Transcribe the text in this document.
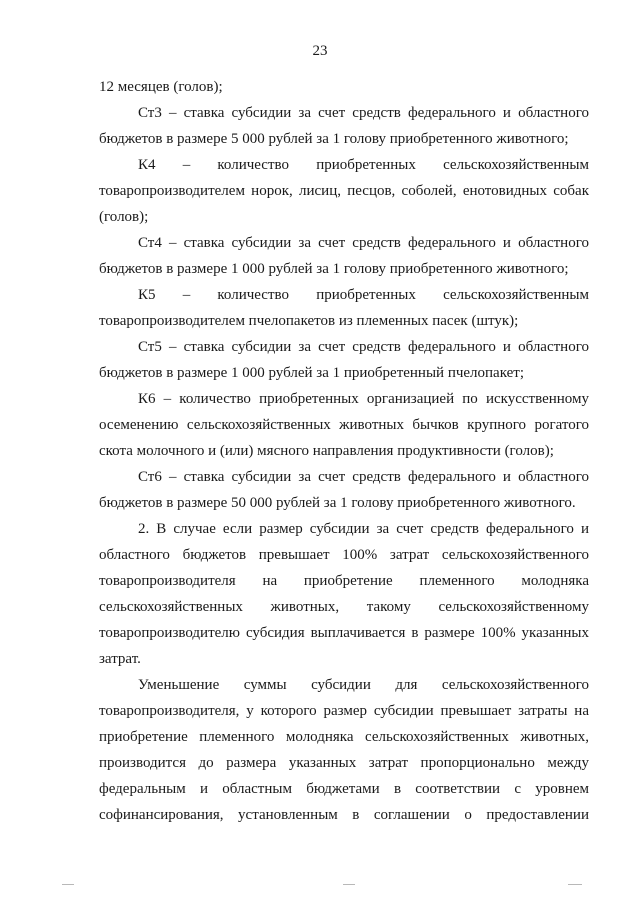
23
12 месяцев (голов);
Ст3 – ставка субсидии за счет средств федерального и областного
бюджетов в размере 5 000 рублей за 1 голову приобретенного животного;
К4 – количество приобретенных сельскохозяйственным
товаропроизводителем норок, лисиц, песцов, соболей, енотовидных собак
(голов);
Ст4 – ставка субсидии за счет средств федерального и областного
бюджетов в размере 1 000 рублей за 1 голову приобретенного животного;
К5 – количество приобретенных сельскохозяйственным
товаропроизводителем пчелопакетов из племенных пасек (штук);
Ст5 – ставка субсидии за счет средств федерального и областного
бюджетов в размере 1 000 рублей за 1 приобретенный пчелопакет;
К6 – количество приобретенных организацией по искусственному
осеменению сельскохозяйственных животных бычков крупного рогатого
скота молочного и (или) мясного направления продуктивности (голов);
Ст6 – ставка субсидии за счет средств федерального и областного
бюджетов в размере 50 000 рублей за 1 голову приобретенного животного.
2. В случае если размер субсидии за счет средств федерального и
областного бюджетов превышает 100% затрат сельскохозяйственного
товаропроизводителя на приобретение племенного молодняка
сельскохозяйственных животных, такому сельскохозяйственному
товаропроизводителю субсидия выплачивается в размере 100% указанных
затрат.
Уменьшение суммы субсидии для сельскохозяйственного
товаропроизводителя, у которого размер субсидии превышает затраты на
приобретение племенного молодняка сельскохозяйственных животных,
производится до размера указанных затрат пропорционально между
федеральным и областным бюджетами в соответствии с уровнем
софинансирования, установленным в соглашении о предоставлении
